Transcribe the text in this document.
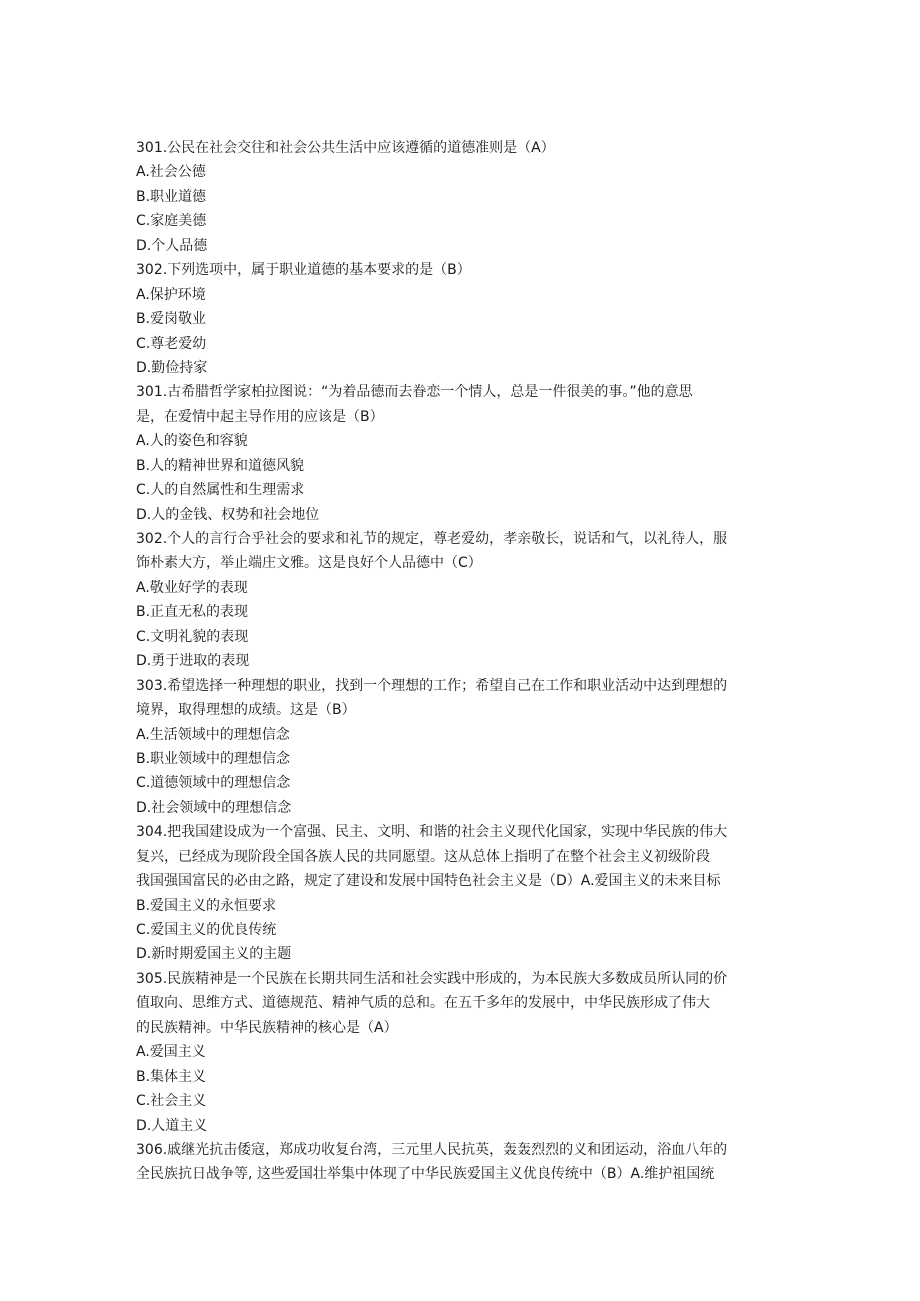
301.公民在社会交往和社会公共生活中应该遵循的道德准则是（A）
A.社会公德
B.职业道德
C.家庭美德
D.个人品德
302.下列选项中，属于职业道德的基本要求的是（B）
A.保护环境
B.爱岗敬业
C.尊老爱幼
D.勤俭持家
301.古希腊哲学家柏拉图说：“为着品德而去眷恋一个情人，总是一件很美的事。”他的意思
是，在爱情中起主导作用的应该是（B）
A.人的姿色和容貌
B.人的精神世界和道德风貌
C.人的自然属性和生理需求
D.人的金钱、权势和社会地位
302.个人的言行合乎社会的要求和礼节的规定，尊老爱幼，孝亲敬长，说话和气，以礼待人，服
饰朴素大方，举止端庄文雅。这是良好个人品德中（C）
A.敬业好学的表现
B.正直无私的表现
C.文明礼貌的表现
D.勇于进取的表现
303.希望选择一种理想的职业，找到一个理想的工作；希望自己在工作和职业活动中达到理想的
境界，取得理想的成绩。这是（B）
A.生活领域中的理想信念
B.职业领域中的理想信念
C.道德领域中的理想信念
D.社会领域中的理想信念
304.把我国建设成为一个富强、民主、文明、和谐的社会主义现代化国家，实现中华民族的伟大
复兴，已经成为现阶段全国各族人民的共同愿望。这从总体上指明了在整个社会主义初级阶段
我国强国富民的必由之路，规定了建设和发展中国特色社会主义是（D）A.爱国主义的未来目标
B.爱国主义的永恒要求
C.爱国主义的优良传统
D.新时期爱国主义的主题
305.民族精神是一个民族在长期共同生活和社会实践中形成的，为本民族大多数成员所认同的价
值取向、思维方式、道德规范、精神气质的总和。在五千多年的发展中，中华民族形成了伟大
的民族精神。中华民族精神的核心是（A）
A.爱国主义
B.集体主义
C.社会主义
D.人道主义
306.戚继光抗击倭寇，郑成功收复台湾，三元里人民抗英，轰轰烈烈的义和团运动，浴血八年的
全民族抗日战争等, 这些爱国壮举集中体现了中华民族爱国主义优良传统中（B）A.维护祖国统
